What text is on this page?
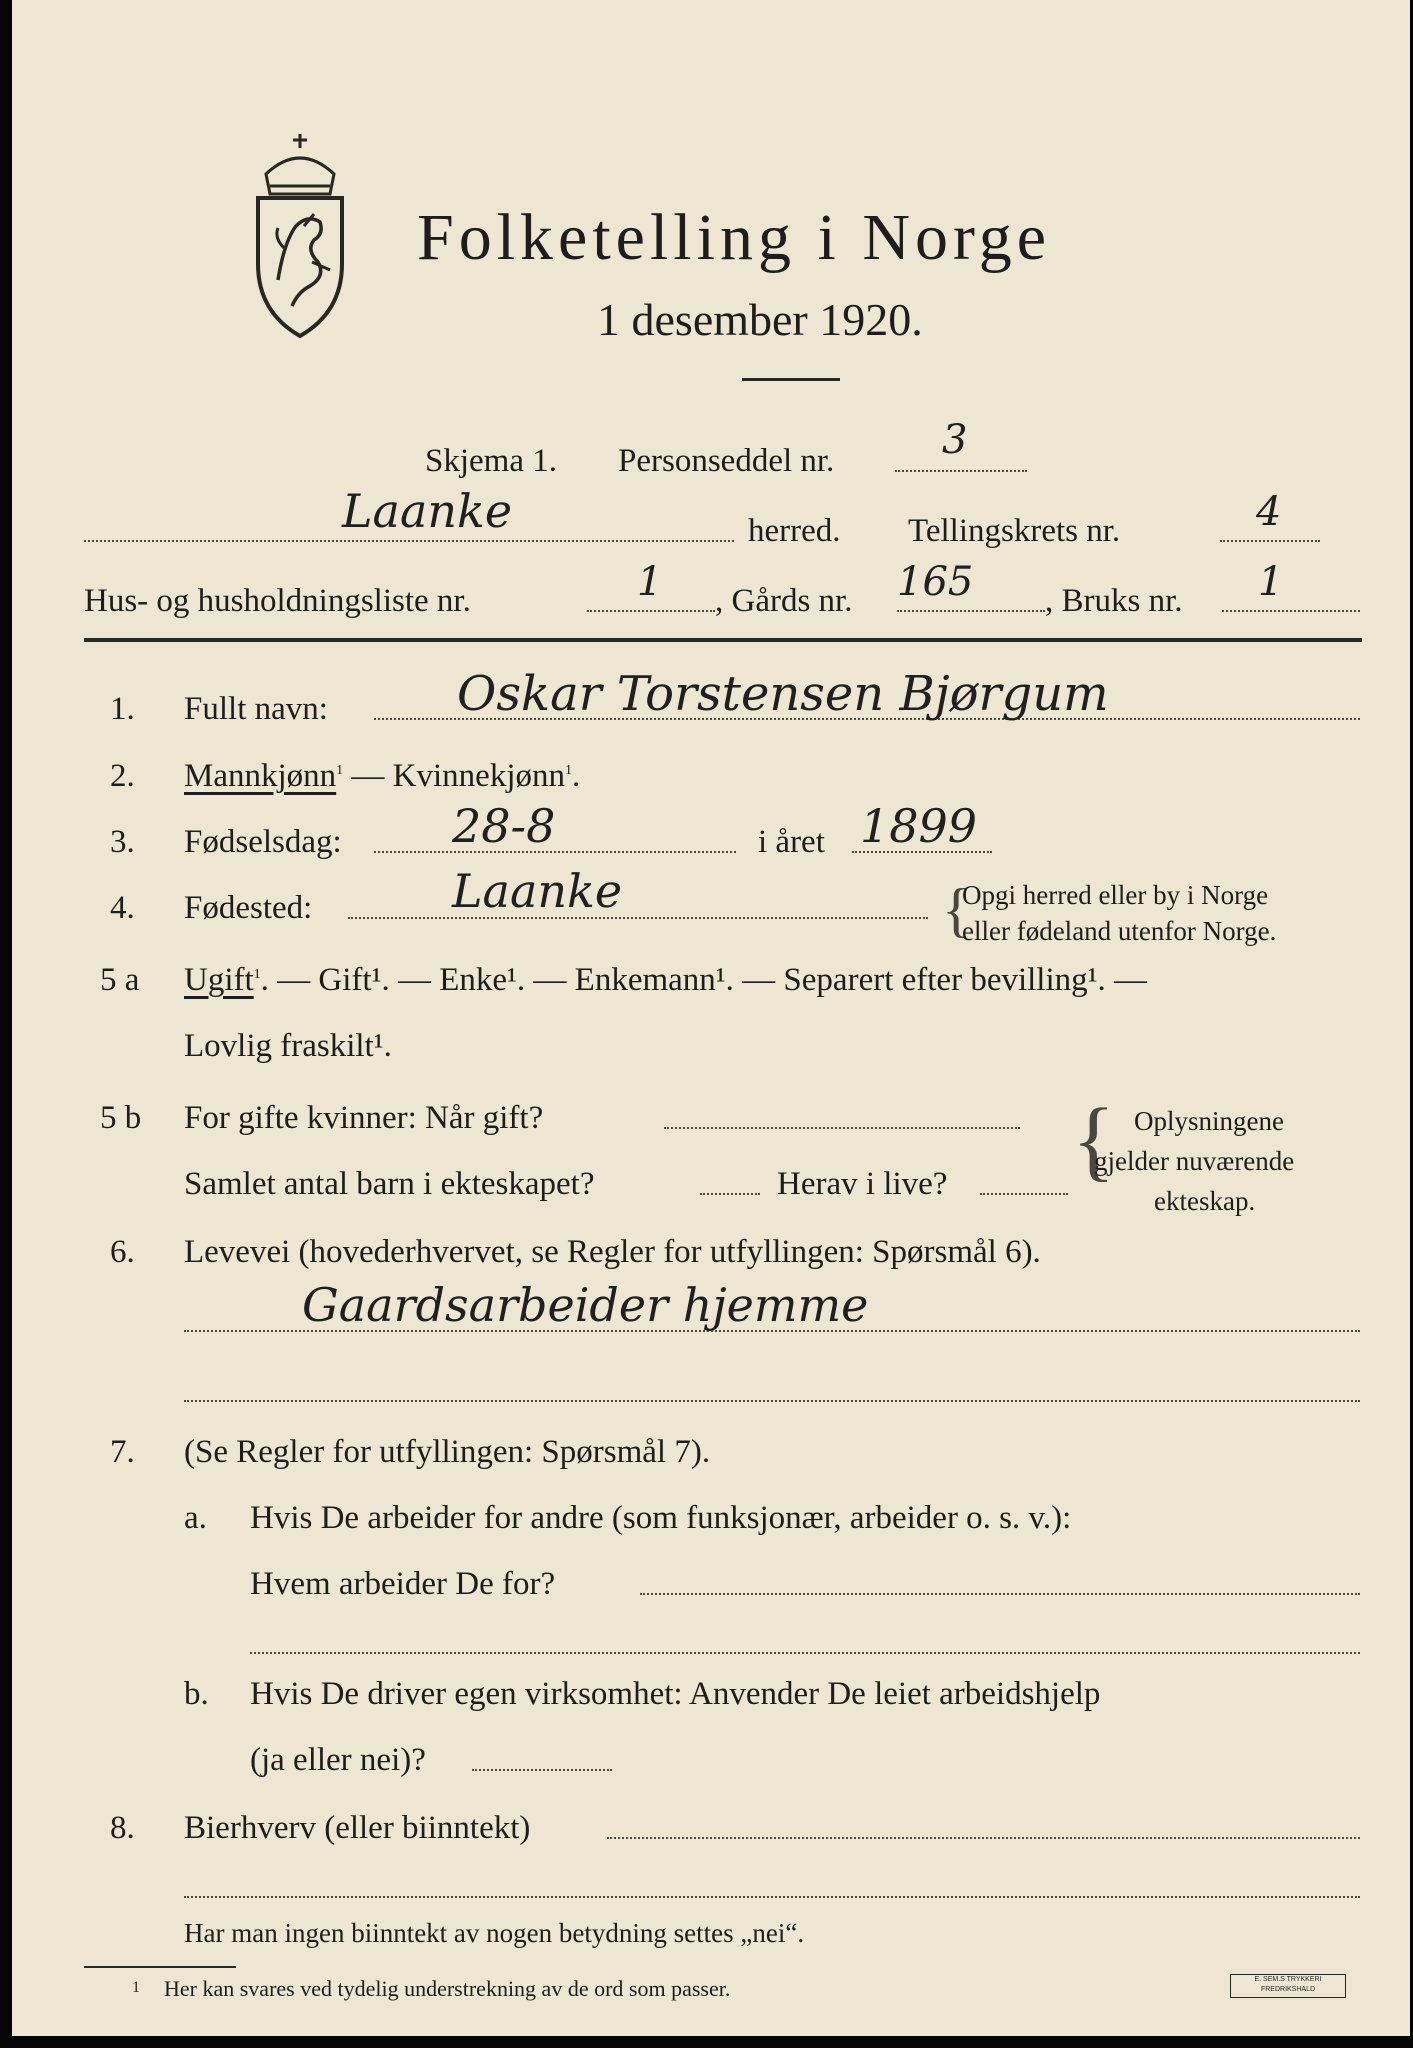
Folketelling i Norge
1 desember 1920.
Skjema 1. Personseddel nr.	3
Laanke	herred. Tellingskrets nr.	4
Hus- og husholdningsliste nr.	1 , Gårds nr. 165 , Bruks nr. 1
1. Fullt navn:	Oskar Torstensen Bjørgum
2. Mannkjønn$^1$ — Kvinnekjønn$^1$.
3. Fødselsdag: 28-8	i året 1899
4. Fødested:	Laanke	{
Opgi herred eller by i Norge
eller fødeland utenfor Norge.
5 a Ugift$^1$. — Gift¹. — Enke¹. — Enkemann¹. — Separert efter bevilling¹. —
Lovlig fraskilt¹.
5 b For gifte kvinner: Når gift?
Samlet antal barn i ekteskapet?	Herav i live? { Oplysningene
gjelder nuværende
ekteskap.
6. Levevei (hovederhvervet, se Regler for utfyllingen: Spørsmål 6).
Gaardsarbeider hjemme
7. (Se Regler for utfyllingen: Spørsmål 7).
a. Hvis De arbeider for andre (som funksjonær, arbeider o. s. v.):
Hvem arbeider De for?
b. Hvis De driver egen virksomhet: Anvender De leiet arbeidshjelp
(ja eller nei)?
8. Bierhverv (eller biinntekt)
Har man ingen biinntekt av nogen betydning settes „nei“.
1 Her kan svares ved tydelig understrekning av de ord som passer.	E. SEM.S TRYKKERI FREDRIKSHALD
